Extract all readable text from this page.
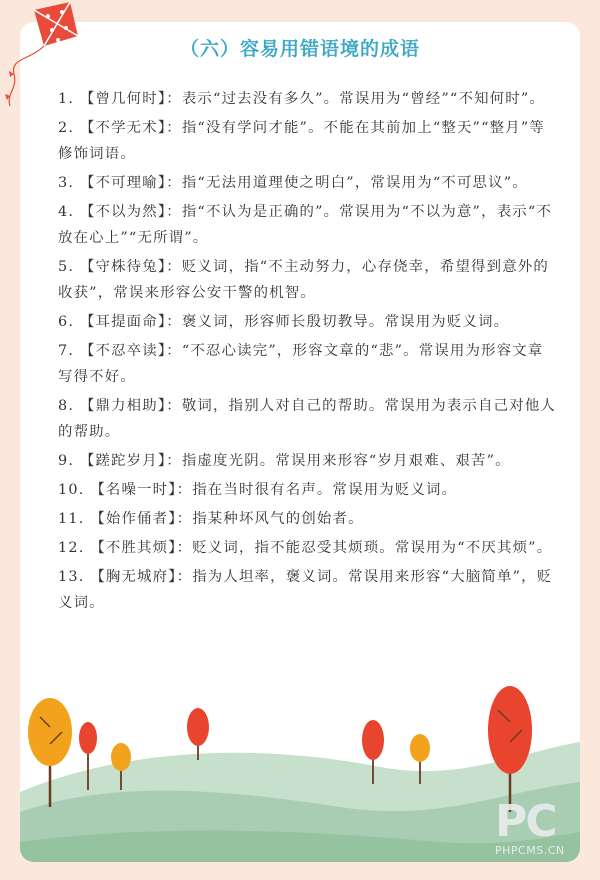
（六）容易用错语境的成语
1. 【曾几何时】：表示“过去没有多久”。常误用为“曾经”“不知何时”。
2. 【不学无术】：指“没有学问才能”。不能在其前加上“整天”“整月”等修饰词语。
3. 【不可理喻】：指“无法用道理使之明白”，常误用为“不可思议”。
4. 【不以为然】：指“不认为是正确的”。常误用为“不以为意”，表示“不放在心上”“无所谓”。
5. 【守株待兔】：贬义词，指“不主动努力，心存侥幸，希望得到意外的收获”，常误来形容公安干警的机智。
6. 【耳提面命】：褒义词，形容师长殷切教导。常误用为贬义词。
7. 【不忍卒读】：“不忍心读完”，形容文章的“悲”。常误用为形容文章写得不好。
8. 【鼎力相助】：敬词，指别人对自己的帮助。常误用为表示自己对他人的帮助。
9. 【蹉跎岁月】：指虚度光阴。常误用来形容“岁月艰难、艰苦”。
10. 【名噪一时】：指在当时很有名声。常误用为贬义词。
11. 【始作俑者】：指某种坏风气的创始者。
12. 【不胜其烦】：贬义词，指不能忍受其烦琐。常误用为“不厌其烦”。
13. 【胸无城府】：指为人坦率，褒义词。常误用来形容“大脑简单”，贬义词。
PC
PHPCMS.CN
